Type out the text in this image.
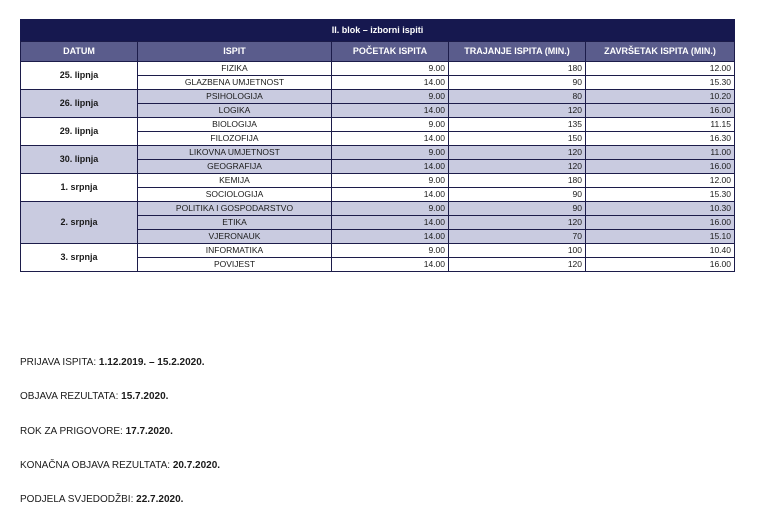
II. blok – izborni ispiti
DATUM	ISPIT	POČETAK ISPITA	TRAJANJE ISPITA (MIN.)	ZAVRŠETAK ISPITA (MIN.)
25. lipnja	FIZIKA	9.00	180	12.00
	GLAZBENA UMJETNOST	14.00	90	15.30
26. lipnja	PSIHOLOGIJA	9.00	80	10.20
	LOGIKA	14.00	120	16.00
29. lipnja	BIOLOGIJA	9.00	135	11.15
	FILOZOFIJA	14.00	150	16.30
30. lipnja	LIKOVNA UMJETNOST	9.00	120	11.00
	GEOGRAFIJA	14.00	120	16.00
1. srpnja	KEMIJA	9.00	180	12.00
	SOCIOLOGIJA	14.00	90	15.30
2. srpnja	POLITIKA I GOSPODARSTVO	9.00	90	10.30
	ETIKA	14.00	120	16.00
	VJERONAUK	14.00	70	15.10
3. srpnja	INFORMATIKA	9.00	100	10.40
	POVIJEST	14.00	120	16.00
PRIJAVA ISPITA: 1.12.2019. – 15.2.2020.
OBJAVA REZULTATA: 15.7.2020.
ROK ZA PRIGOVORE: 17.7.2020.
KONAČNA OBJAVA REZULTATA: 20.7.2020.
PODJELA SVJEDODŽBI: 22.7.2020.
